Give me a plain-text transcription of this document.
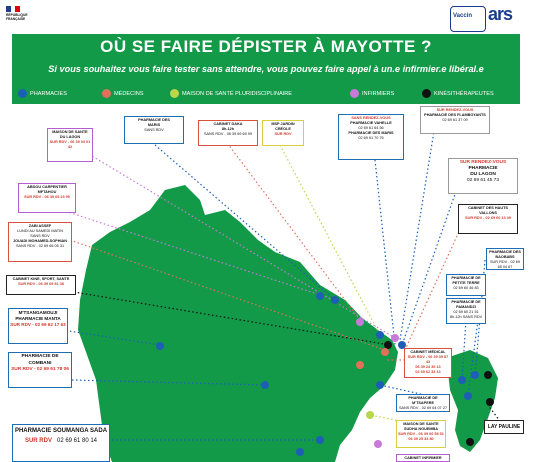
RÉPUBLIQUE
FRANÇAISE	Vaccin ars
OÙ SE FAIRE DÉPISTER À MAYOTTE ?
Si vous souhaitez vous faire tester sans attendre, vous pouvez faire appel à un.e infirmier.e libéral.e
PHARMACIES	MÉDECINS	MAISON DE SANTÉ PLURIDISCIPLINAIRE	INFIRMIERS	KINÉSITHÉRAPEUTES
MAISON DE SANTE
DU LAGON
SUR RDV - 06 39 03 01 42
PHARMACIE DES
MARIS
SANS RDV
CABINET DAKA
8h-12h
SANS RDV - 06 39 69 69 99
MSP JARDIN
CRÉOLE
SUR RDV
SANS RENDEZ-VOUS
PHARMACIE VAHELLE
02 69 61 64 56
PHARMACIE DES MARIS
02 69 61 70 76
SUR RENDEZ-VOUS
PHARMACIE DES FLAMBOYANTS
02 69 61 37 09
SUR RENDEZ-VOUS
PHARMACIE
DU LAGON
02 69 61 45 73
ABDOU CARPENTIER
MFTAHOU
SUR RDV - 06 39 69 23 99
ZABI ASSEF
LUNDI AU SAMEDI MATIN
SANS RDV
JOUADI MOHAMED-SOPHIAN
SANS RDV - 02 69 66 05 31
CABINET DES HAUTS
VALLONS
SUR RDV - 02 69 60 13 49
CABINET KINE, SPORT, SANTE
SUR RDV - 06 39 69 51 38
PHARMACIE DES
BAOBABS
SUR RDV - 02 69 65 04 67
M'TSANGAMOUJI
PHARMACIE MANTA
SUR RDV - 02 69 62 17 63
PHARMACIE DE
PETITE TERRE
02 69 60 46 83
PHARMACIE DE
PAMANDZI
02 69 60 21 51
8h-12h SANS RDV
PHARMACIE DE
COMBANI
SUR RDV - 02 69 61 78 06
CABINET MÉDICAL
SUR RDV - 06 39 09 87 43
06 39 24 39 13
02 69 62 33 13
PHARMACIE DE M'TSAPERE
SANS RDV - 02 69 64 07 27
MAISON DE SANTE
SUDHA NGUEMBA
SUR RDV - 06 39 06 58 51
06 39 25 33 80
PHARMACIE SOUMANGA SADA
SUR RDV 02 69 61 80 14
CABINET INFIRMIER
LAY PAULINE
